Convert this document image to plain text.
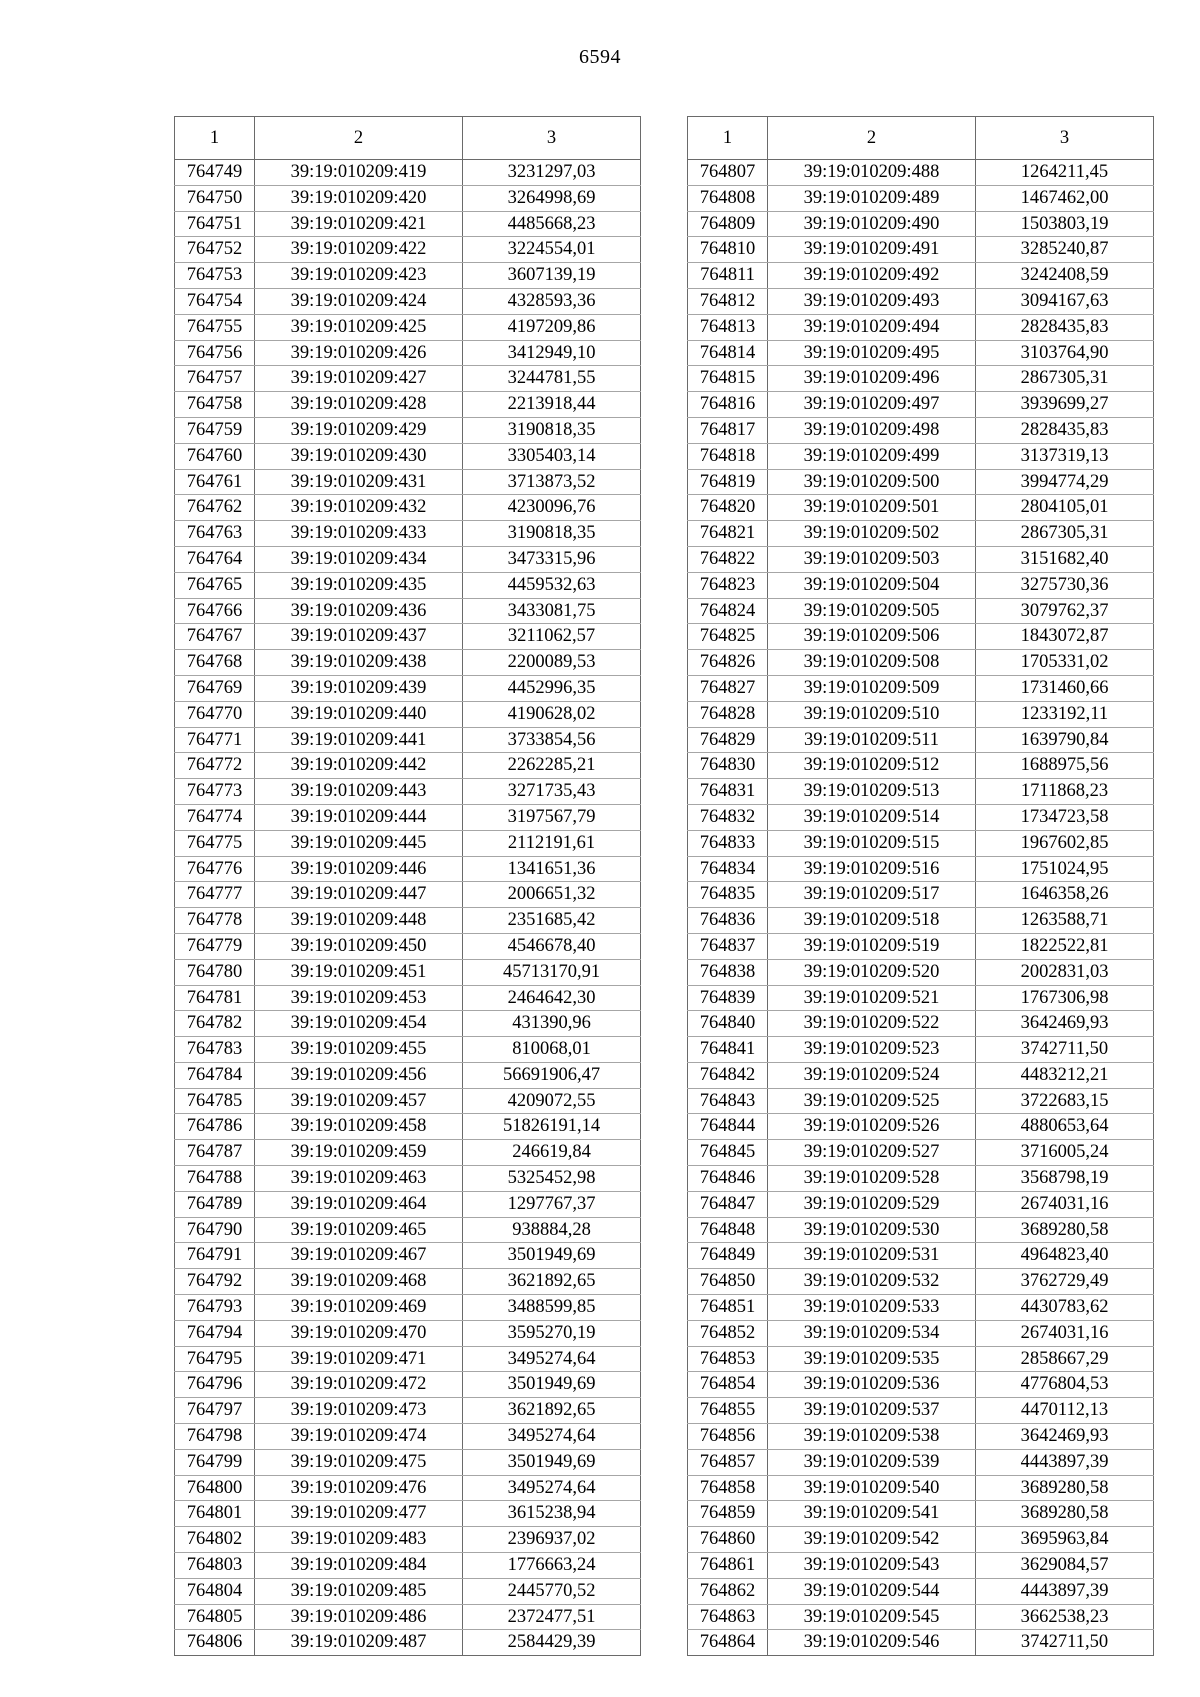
6594
1	2	3
764749	39:19:010209:419	3231297,03
764750	39:19:010209:420	3264998,69
764751	39:19:010209:421	4485668,23
764752	39:19:010209:422	3224554,01
764753	39:19:010209:423	3607139,19
764754	39:19:010209:424	4328593,36
764755	39:19:010209:425	4197209,86
764756	39:19:010209:426	3412949,10
764757	39:19:010209:427	3244781,55
764758	39:19:010209:428	2213918,44
764759	39:19:010209:429	3190818,35
764760	39:19:010209:430	3305403,14
764761	39:19:010209:431	3713873,52
764762	39:19:010209:432	4230096,76
764763	39:19:010209:433	3190818,35
764764	39:19:010209:434	3473315,96
764765	39:19:010209:435	4459532,63
764766	39:19:010209:436	3433081,75
764767	39:19:010209:437	3211062,57
764768	39:19:010209:438	2200089,53
764769	39:19:010209:439	4452996,35
764770	39:19:010209:440	4190628,02
764771	39:19:010209:441	3733854,56
764772	39:19:010209:442	2262285,21
764773	39:19:010209:443	3271735,43
764774	39:19:010209:444	3197567,79
764775	39:19:010209:445	2112191,61
764776	39:19:010209:446	1341651,36
764777	39:19:010209:447	2006651,32
764778	39:19:010209:448	2351685,42
764779	39:19:010209:450	4546678,40
764780	39:19:010209:451	45713170,91
764781	39:19:010209:453	2464642,30
764782	39:19:010209:454	431390,96
764783	39:19:010209:455	810068,01
764784	39:19:010209:456	56691906,47
764785	39:19:010209:457	4209072,55
764786	39:19:010209:458	51826191,14
764787	39:19:010209:459	246619,84
764788	39:19:010209:463	5325452,98
764789	39:19:010209:464	1297767,37
764790	39:19:010209:465	938884,28
764791	39:19:010209:467	3501949,69
764792	39:19:010209:468	3621892,65
764793	39:19:010209:469	3488599,85
764794	39:19:010209:470	3595270,19
764795	39:19:010209:471	3495274,64
764796	39:19:010209:472	3501949,69
764797	39:19:010209:473	3621892,65
764798	39:19:010209:474	3495274,64
764799	39:19:010209:475	3501949,69
764800	39:19:010209:476	3495274,64
764801	39:19:010209:477	3615238,94
764802	39:19:010209:483	2396937,02
764803	39:19:010209:484	1776663,24
764804	39:19:010209:485	2445770,52
764805	39:19:010209:486	2372477,51
764806	39:19:010209:487	2584429,39
1	2	3
764807	39:19:010209:488	1264211,45
764808	39:19:010209:489	1467462,00
764809	39:19:010209:490	1503803,19
764810	39:19:010209:491	3285240,87
764811	39:19:010209:492	3242408,59
764812	39:19:010209:493	3094167,63
764813	39:19:010209:494	2828435,83
764814	39:19:010209:495	3103764,90
764815	39:19:010209:496	2867305,31
764816	39:19:010209:497	3939699,27
764817	39:19:010209:498	2828435,83
764818	39:19:010209:499	3137319,13
764819	39:19:010209:500	3994774,29
764820	39:19:010209:501	2804105,01
764821	39:19:010209:502	2867305,31
764822	39:19:010209:503	3151682,40
764823	39:19:010209:504	3275730,36
764824	39:19:010209:505	3079762,37
764825	39:19:010209:506	1843072,87
764826	39:19:010209:508	1705331,02
764827	39:19:010209:509	1731460,66
764828	39:19:010209:510	1233192,11
764829	39:19:010209:511	1639790,84
764830	39:19:010209:512	1688975,56
764831	39:19:010209:513	1711868,23
764832	39:19:010209:514	1734723,58
764833	39:19:010209:515	1967602,85
764834	39:19:010209:516	1751024,95
764835	39:19:010209:517	1646358,26
764836	39:19:010209:518	1263588,71
764837	39:19:010209:519	1822522,81
764838	39:19:010209:520	2002831,03
764839	39:19:010209:521	1767306,98
764840	39:19:010209:522	3642469,93
764841	39:19:010209:523	3742711,50
764842	39:19:010209:524	4483212,21
764843	39:19:010209:525	3722683,15
764844	39:19:010209:526	4880653,64
764845	39:19:010209:527	3716005,24
764846	39:19:010209:528	3568798,19
764847	39:19:010209:529	2674031,16
764848	39:19:010209:530	3689280,58
764849	39:19:010209:531	4964823,40
764850	39:19:010209:532	3762729,49
764851	39:19:010209:533	4430783,62
764852	39:19:010209:534	2674031,16
764853	39:19:010209:535	2858667,29
764854	39:19:010209:536	4776804,53
764855	39:19:010209:537	4470112,13
764856	39:19:010209:538	3642469,93
764857	39:19:010209:539	4443897,39
764858	39:19:010209:540	3689280,58
764859	39:19:010209:541	3689280,58
764860	39:19:010209:542	3695963,84
764861	39:19:010209:543	3629084,57
764862	39:19:010209:544	4443897,39
764863	39:19:010209:545	3662538,23
764864	39:19:010209:546	3742711,50
